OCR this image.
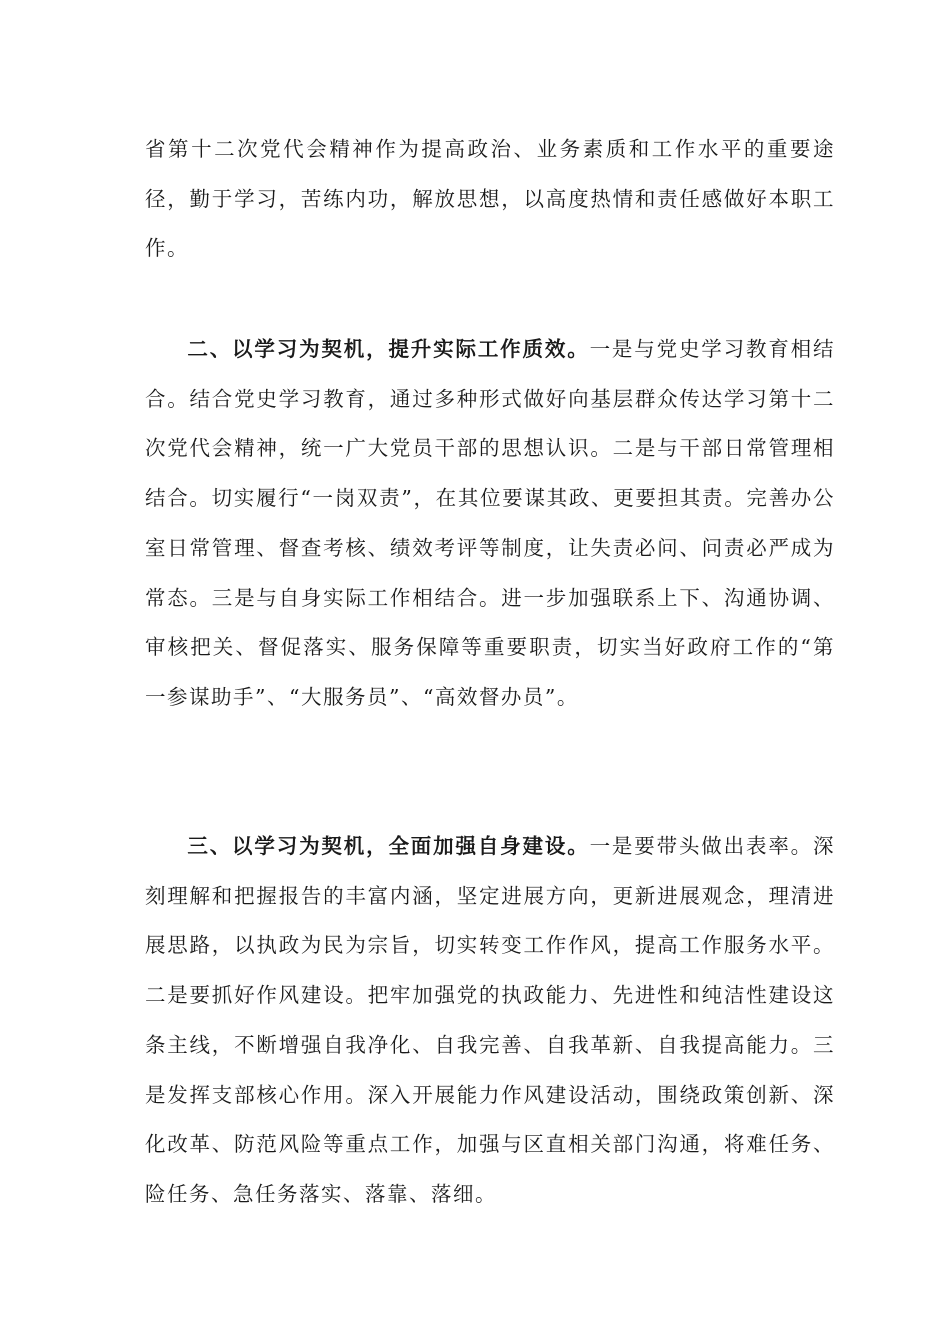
省第十二次党代会精神作为提高政治、业务素质和工作水平的重要途径，勤于学习，苦练内功，解放思想，以高度热情和责任感做好本职工作。

二、以学习为契机，提升实际工作质效。一是与党史学习教育相结合。结合党史学习教育，通过多种形式做好向基层群众传达学习第十二次党代会精神，统一广大党员干部的思想认识。二是与干部日常管理相结合。切实履行“一岗双责”，在其位要谋其政、更要担其责。完善办公室日常管理、督查考核、绩效考评等制度，让失责必问、问责必严成为常态。三是与自身实际工作相结合。进一步加强联系上下、沟通协调、审核把关、督促落实、服务保障等重要职责，切实当好政府工作的“第一参谋助手”、“大服务员”、“高效督办员”。

三、以学习为契机，全面加强自身建设。一是要带头做出表率。深刻理解和把握报告的丰富内涵，坚定进展方向，更新进展观念，理清进展思路，以执政为民为宗旨，切实转变工作作风，提高工作服务水平。二是要抓好作风建设。把牢加强党的执政能力、先进性和纯洁性建设这条主线，不断增强自我净化、自我完善、自我革新、自我提高能力。三是发挥支部核心作用。深入开展能力作风建设活动，围绕政策创新、深化改革、防范风险等重点工作，加强与区直相关部门沟通，将难任务、险任务、急任务落实、落靠、落细。
